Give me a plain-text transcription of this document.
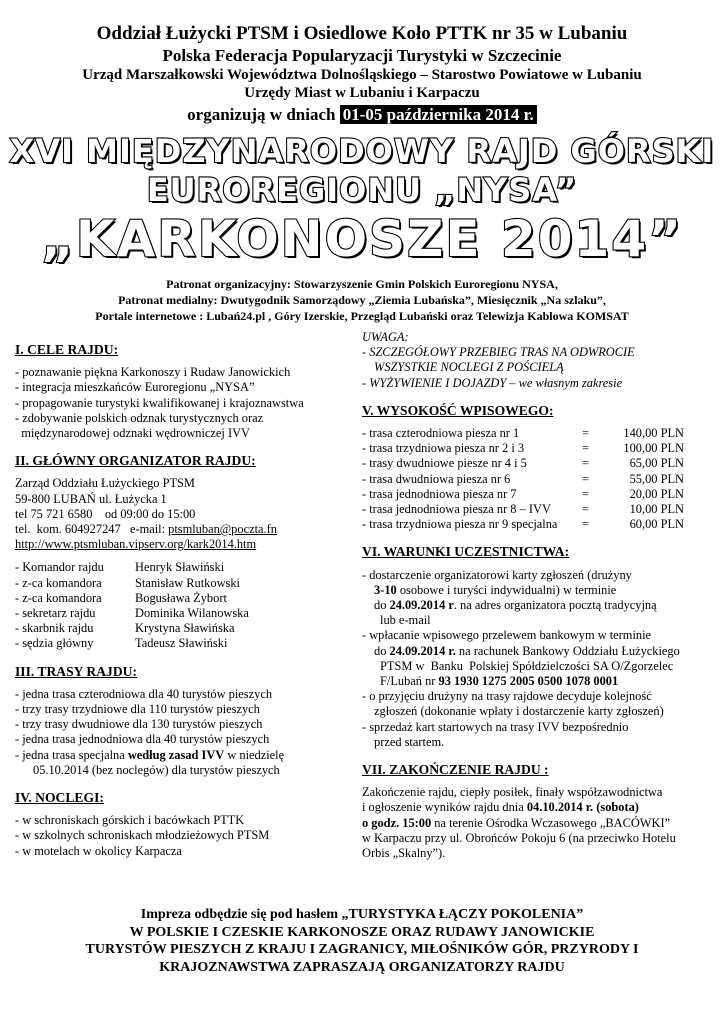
Oddział Łużycki PTSM i Osiedlowe Koło PTTK nr 35 w Lubaniu
Polska Federacja Popularyzacji Turystyki w Szczecinie
Urząd Marszałkowski Województwa Dolnośląskiego – Starostwo Powiatowe w Lubaniu
Urzędy Miast w Lubaniu i Karpaczu
organizują w dniach 01-05 października 2014 r.
XVI MIĘDZYNARODOWY RAJD GÓRSKI
EUROREGIONU „NYSA”
„KARKONOSZE 2014”
Patronat organizacyjny: Stowarzyszenie Gmin Polskich Euroregionu NYSA,
Patronat medialny: Dwutygodnik Samorządowy „Ziemia Lubańska”, Miesięcznik „Na szlaku”,
Portale internetowe : Lubań24.pl , Góry Izerskie, Przegląd Lubański oraz Telewizja Kablowa KOMSAT
I. CELE RAJDU:
- poznawanie piękna Karkonoszy i Rudaw Janowickich
- integracja mieszkańców Euroregionu „NYSA”
- propagowanie turystyki kwalifikowanej i krajoznawstwa
- zdobywanie polskich odznak turystycznych oraz
międzynarodowej odznaki wędrowniczej IVV
II. GŁÓWNY ORGANIZATOR RAJDU:
Zarząd Oddziału Łużyckiego PTSM
59-800 LUBAŃ ul. Łużycka 1
tel 75 721 6580    od 09:00 do 15:00
tel.  kom. 604927247   e-mail: ptsmluban@poczta.fn
http://www.ptsmluban.vipserv.org/kark2014.htm
- Komandor rajdu	Henryk Sławiński
- z-ca komandora	Stanisław Rutkowski
- z-ca komandora	Bogusława Żybort
- sekretarz rajdu	Dominika Wilanowska
- skarbnik rajdu	Krystyna Sławińska
- sędzia główny	Tadeusz Sławiński
III. TRASY RAJDU:
- jedna trasa czterodniowa dla 40 turystów pieszych
- trzy trasy trzydniowe dla 110 turystów pieszych
- trzy trasy dwudniowe dla 130 turystów pieszych
- jedna trasa jednodniowa dla 40 turystów pieszych
- jedna trasa specjalna według zasad IVV w niedzielę
05.10.2014 (bez noclegów) dla turystów pieszych
IV. NOCLEGI:
- w schroniskach górskich i bacówkach PTTK
- w szkolnych schroniskach młodzieżowych PTSM
- w motelach w okolicy Karpacza
UWAGA:
- SZCZEGÓŁOWY PRZEBIEG TRAS NA ODWROCIE
WSZYSTKIE NOCLEGI Z POŚCIELĄ
- WYŻYWIENIE I DOJAZDY – we własnym zakresie
V. WYSOKOŚĆ WPISOWEGO:
- trasa czterodniowa piesza nr 1	=	140,00 PLN
- trasa trzydniowa piesza nr 2 i 3	=	100,00 PLN
- trasy dwudniowe piesze nr 4 i 5	=	65,00 PLN
- trasa dwudniowa piesza nr 6	=	55,00 PLN
- trasa jednodniowa piesza nr 7	=	20,00 PLN
- trasa jednodniowa piesza nr 8 – IVV	=	10,00 PLN
- trasa trzydniowa piesza nr 9 specjalna	=	60,00 PLN
VI. WARUNKI UCZESTNICTWA:
- dostarczenie organizatorowi karty zgłoszeń (drużyny
3-10 osobowe i turyści indywidualni) w terminie
do 24.09.2014 r. na adres organizatora pocztą tradycyjną
lub e-mail
- wpłacanie wpisowego przelewem bankowym w terminie
do 24.09.2014 r. na rachunek Bankowy Oddziału Łużyckiego
PTSM w  Banku  Polskiej Spółdzielczości SA O/Zgorzelec
F/Lubań nr 93 1930 1275 2005 0500 1078 0001
- o przyjęciu drużyny na trasy rajdowe decyduje kolejność
zgłoszeń (dokonanie wpłaty i dostarczenie karty zgłoszeń)
- sprzedaż kart startowych na trasy IVV bezpośrednio
przed startem.
VII. ZAKOŃCZENIE RAJDU :
Zakończenie rajdu, ciepły posiłek, finały współzawodnictwa
i ogłoszenie wyników rajdu dnia 04.10.2014 r. (sobota)
o godz. 15:00 na terenie Ośrodka Wczasowego „BACÓWKI”
w Karpaczu przy ul. Obrońców Pokoju 6 (na przeciwko Hotelu
Orbis „Skalny”).
Impreza odbędzie się pod hasłem „TURYSTYKA ŁĄCZY POKOLENIA”
W POLSKIE I CZESKIE KARKONOSZE ORAZ RUDAWY JANOWICKIE
TURYSTÓW PIESZYCH Z KRAJU I ZAGRANICY, MIŁOŚNIKÓW GÓR, PRZYRODY I
KRAJOZNAWSTWA ZAPRASZAJĄ ORGANIZATORZY RAJDU
